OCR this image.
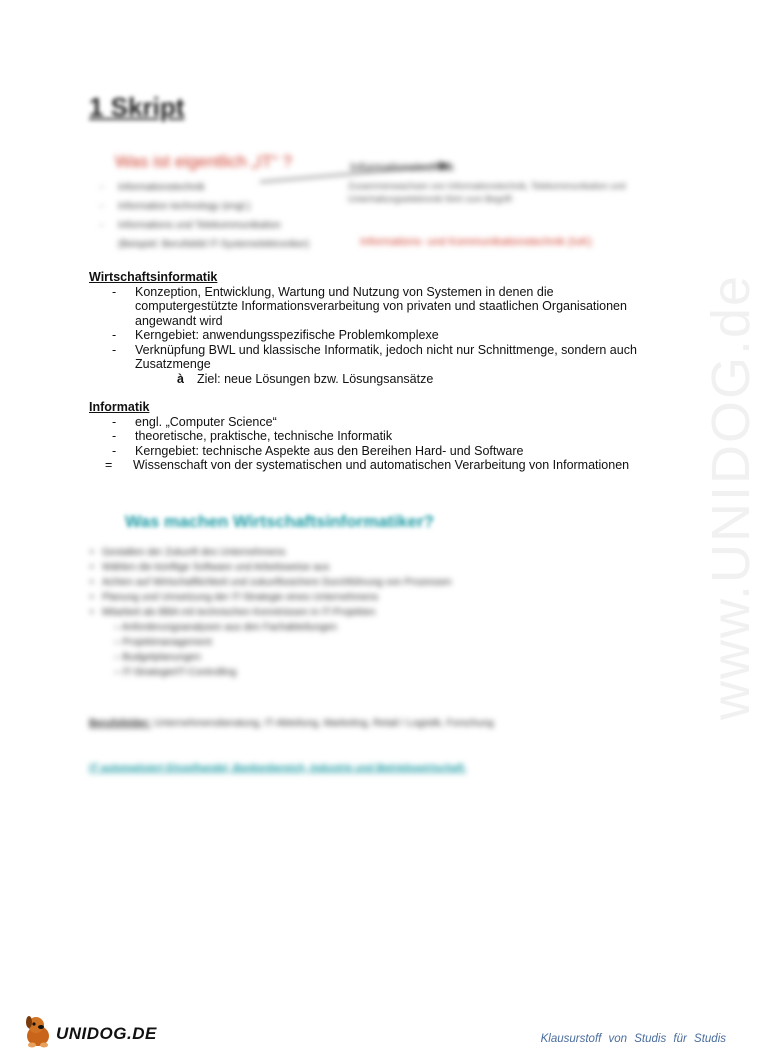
www.UNIDOG.de
1 Skript
Was ist eigentlich „IT“ ?
- Informationstechnik
- Information technology (engl.)
- Informations und Telekommunikation
(Beispiel: Berufsbild IT-Systemelektroniker)
Informationstechnik
Zusammenwachsen von Informationstechnik, Telekommunikation und Unterhaltungselektronik führt zum Begriff:
Informations- und Kommunikationstechnik (IuK)
Wirtschaftsinformatik
- Konzeption, Entwicklung, Wartung und Nutzung von Systemen in denen die computergestützte Informationsverarbeitung von privaten und staatlichen Organisationen angewandt wird
- Kerngebiet: anwendungsspezifische Problemkomplexe
- Verknüpfung BWL und klassische Informatik, jedoch nicht nur Schnittmenge, sondern auch Zusatzmenge
à Ziel: neue Lösungen bzw. Lösungsansätze
Informatik
- engl. „Computer Science“
- theoretische, praktische, technische Informatik
- Kerngebiet: technische Aspekte aus den Bereihen Hard- und Software
= Wissenschaft von der systematischen und automatischen Verarbeitung von Informationen
Was machen Wirtschaftsinformatiker?
• Gestalten der Zukunft des Unternehmens
• Wählen die künftige Software und Arbeitsweise aus
• Achten auf Wirtschaftlichkeit und zukunftssichere Durchführung von Prozessen
• Planung und Umsetzung der IT-Strategie eines Unternehmens
• Mitarbeit als BBA mit technischen Kenntnissen in IT-Projekten
– Anforderungsanalysen aus den Fachabteilungen
– Projektmanagement
– Budgetplanungen
– IT-Strategie/IT-Controlling
Berufsfelder: Unternehmensberatung, IT-Abteilung, Marketing, Retail / Logistik, Forschung
IT automatisiert Einzelhandel, Bankenbereich, Industrie und Betriebswirtschaft.
UNIDOG.DE	Klausurstoff von Studis für Studis
